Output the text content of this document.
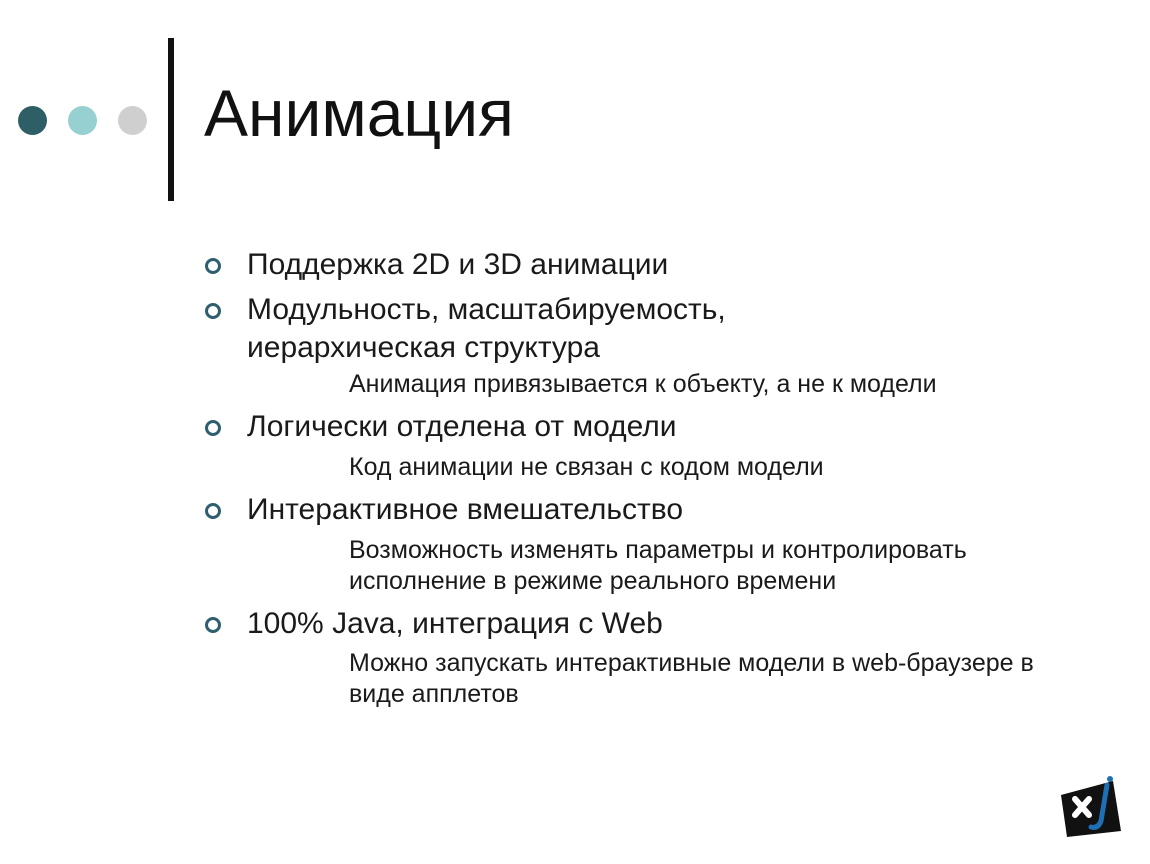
Анимация
Поддержка 2D и 3D анимации
Модульность, масштабируемость, иерархическая структура
Анимация привязывается к объекту, а не к модели
Логически отделена от модели
Код анимации не связан с кодом модели
Интерактивное вмешательство
Возможность изменять параметры и контролировать исполнение в режиме реального времени
100% Java, интеграция с Web
Можно запускать интерактивные модели в web-браузере в виде апплетов
